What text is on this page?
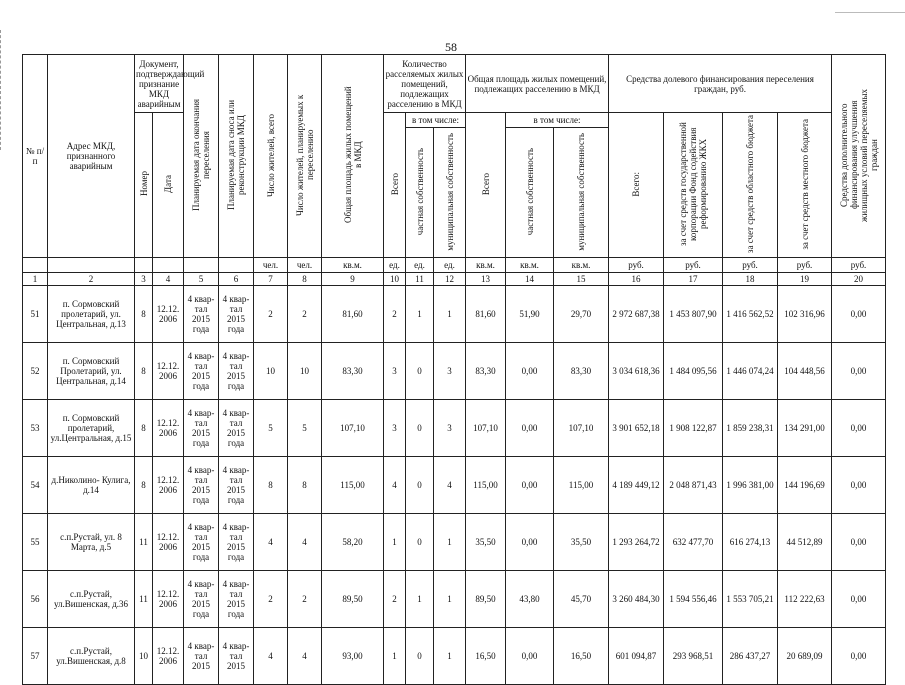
58
№ п/п	Адрес МКД, признанного аварийным	Документ, подтверждающий признание МКД аварийным		Планируемая дата окончания переселения	Планируемая дата сноса или реконструкции МКД	Число жителей, всего	Число жителей, планируемых к переселению	Общая площадь жилых помещений в МКД	Количество расселяемых жилых помещений, подлежащих расселению в МКД			Общая площадь жилых помещений, подлежащих расселению в МКД			Средства долевого финансирования переселения граждан, руб.				Средства дополнительного финансирования улучшения жилищных условий переселяемых граждан
		Номер	Дата						Всего	в том числе:		Всего	в том числе:		Всего:	за счет средств государственной корпорации Фонд содействия реформированию ЖКХ	за счет средств областного бюджета	за счет средств местного бюджета	
										частная собственность	муниципальная собственность		частная собственность	муниципальная собственность					
						чел.	чел.	кв.м.	ед.	ед.	ед.	кв.м.	кв.м.	кв.м.	руб.	руб.	руб.	руб.	руб.
1	2	3	4	5	6	7	8	9	10	11	12	13	14	15	16	17	18	19	20
51	п. Сормовский пролетарий, ул. Центральная, д.13	8	12.12. 2006	4 квар- тал 2015 года	4 квар- тал 2015 года	2	2	81,60	2	1	1	81,60	51,90	29,70	2 972 687,38	1 453 807,90	1 416 562,52	102 316,96	0,00
52	п. Сормовский Пролетарий, ул. Центральная, д.14	8	12.12. 2006	4 квар- тал 2015 года	4 квар- тал 2015 года	10	10	83,30	3	0	3	83,30	0,00	83,30	3 034 618,36	1 484 095,56	1 446 074,24	104 448,56	0,00
53	п. Сормовский пролетарий, ул.Центральная, д.15	8	12.12. 2006	4 квар- тал 2015 года	4 квар- тал 2015 года	5	5	107,10	3	0	3	107,10	0,00	107,10	3 901 652,18	1 908 122,87	1 859 238,31	134 291,00	0,00
54	д.Николино- Кулига, д.14	8	12.12. 2006	4 квар- тал 2015 года	4 квар- тал 2015 года	8	8	115,00	4	0	4	115,00	0,00	115,00	4 189 449,12	2 048 871,43	1 996 381,00	144 196,69	0,00
55	с.п.Рустай, ул. 8 Марта, д.5	11	12.12. 2006	4 квар- тал 2015 года	4 квар- тал 2015 года	4	4	58,20	1	0	1	35,50	0,00	35,50	1 293 264,72	632 477,70	616 274,13	44 512,89	0,00
56	с.п.Рустай, ул.Вишенская, д.36	11	12.12. 2006	4 квар- тал 2015 года	4 квар- тал 2015 года	2	2	89,50	2	1	1	89,50	43,80	45,70	3 260 484,30	1 594 556,46	1 553 705,21	112 222,63	0,00
57	с.п.Рустай, ул.Вишенская, д.8	10	12.12. 2006	4 квар- тал 2015	4 квар- тал 2015	4	4	93,00	1	0	1	16,50	0,00	16,50	601 094,87	293 968,51	286 437,27	20 689,09	0,00
